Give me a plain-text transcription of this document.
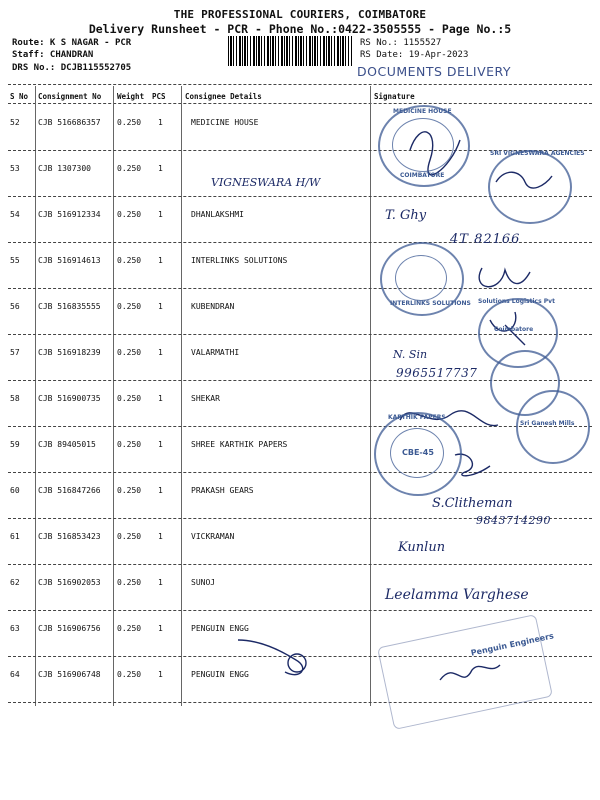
THE PROFESSIONAL COURIERS, COIMBATORE
Delivery Runsheet - PCR - Phone No.:0422-3505555 - Page No.:5
Route: K S NAGAR - PCR
Staff: CHANDRAN
DRS No.: DCJB115552705
RS No.: 1155527
RS Date: 19-Apr-2023
DOCUMENTS DELIVERY
S No Consignment No Weight PCS	Consignee Details	Signature
52 CJB 516686357 0.250 1	MEDICINE HOUSE
53 CJB 1307300	0.250 1
54 CJB 516912334 0.250 1	DHANLAKSHMI
55 CJB 516914613 0.250 1	INTERLINKS SOLUTIONS
56 CJB 516835555 0.250 1	KUBENDRAN
57 CJB 516918239 0.250 1	VALARMATHI
58 CJB 516900735 0.250 1	SHEKAR
59 CJB 89405015	0.250 1	SHREE KARTHIK PAPERS
60 CJB 516847266 0.250 1	PRAKASH GEARS
61 CJB 516853423 0.250 1	VICKRAMAN
62 CJB 516902053 0.250 1	SUNOJ
63 CJB 516906756 0.250 1	PENGUIN ENGG
64 CJB 516906748 0.250 1	PENGUIN ENGG
VIGNESWARA H/W
T. Ghy
4T 82166
N. Sin
9965517737
S.Clitheman
9843714290
Kunlun
Leelamma Varghese
MEDICINE HOUSE
COIMBATORE
SRI VIGNESWARA AGENCIES
INTERLINKS SOLUTIONS Solutions Logistics Pvt
Coimbatore
Sri Ganesh Mills
KARTHIK PAPERS
CBE-45
Penguin Engineers
